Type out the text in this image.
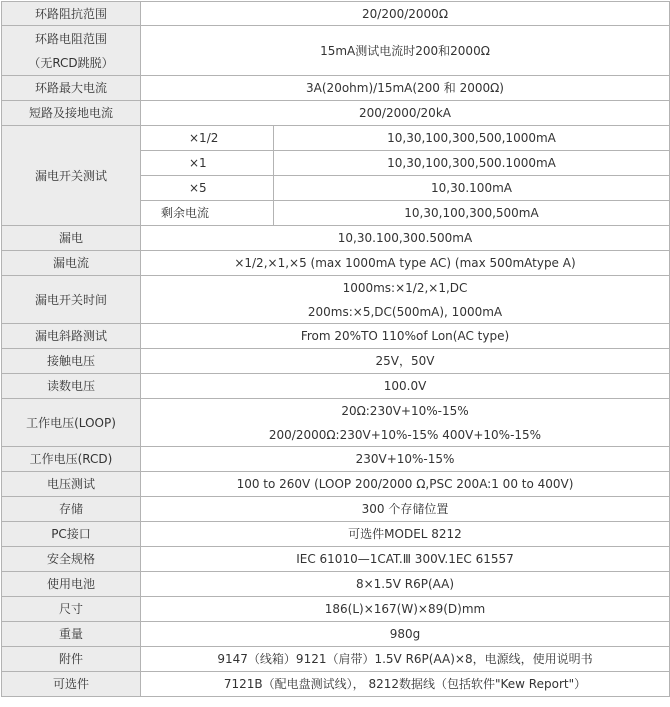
环路阻抗范围	20/200/2000Ω	

环路电阻范围
（无RCD跳脱）	15mA测试电流时200和2000Ω	
环路最大电流	3A(20ohm)/15mA(200 和 2000Ω)	
短路及接地电流	200/2000/20kA	
漏电开关测试	×1/2	10,30,100,300,500,1000mA
	×1	10,30,100,300,500.1000mA
	×5	10,30.100mA
	剩余电流	10,30,100,300,500mA
漏电	10,30.100,300.500mA	
漏电流	×1/2,×1,×5 (max 1000mA type AC) (max 500mAtype A)	
漏电开关时间	1000ms:×1/2,×1,DC
200ms:×5,DC(500mA), 1000mA	

漏电斜路测试	From 20%TO 110%of Lon(AC type)	
接触电压	25V，50V	
读数电压	100.0V	
工作电压(LOOP)	20Ω:230V+10%-15%
200/2000Ω:230V+10%-15% 400V+10%-15%	

工作电压(RCD)	230V+10%-15%	
电压测试	100 to 260V (LOOP 200/2000 Ω,PSC 200A:1 00 to 400V)	
存储	300 个存储位置	
PC接口	可选件MODEL 8212	
安全规格	IEC 61010—1CAT.Ⅲ 300V.1EC 61557	
使用电池	8×1.5V R6P(AA)	
尺寸	186(L)×167(W)×89(D)mm	
重量	980g	
附件	9147（线箱）9121（肩带）1.5V R6P(AA)×8，电源线，使用说明书	
可选件	7121B（配电盘测试线）， 8212数据线（包括软件"Kew Report"）	
